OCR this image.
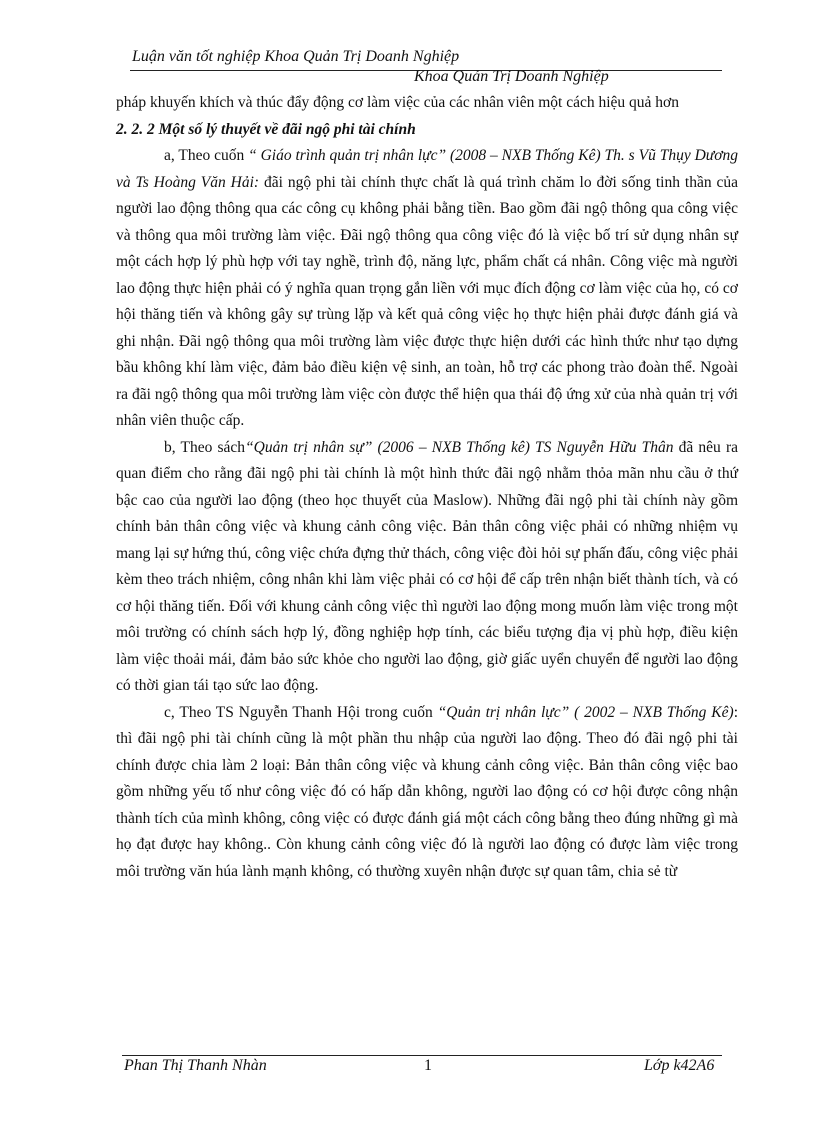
Luận văn tốt nghiệp Khoa Quản Trị Doanh Nghiệp
Khoa Quản Trị Doanh Nghiệp

pháp khuyến khích và thúc đẩy động cơ làm việc của các nhân viên một cách hiệu quả hơn

2. 2. 2 Một số lý thuyết về đãi ngộ phi tài chính

a, Theo cuốn “ Giáo trình quản trị nhân lực” (2008 – NXB Thống Kê) Th. s Vũ Thụy Dương và Ts Hoàng Văn Hải: đãi ngộ phi tài chính thực chất là quá trình chăm lo đời sống tinh thần của người lao động thông qua các công cụ không phải bằng tiền. Bao gồm đãi ngộ thông qua công việc và thông qua môi trường làm việc. Đãi ngộ thông qua công việc đó là việc bố trí sử dụng nhân sự một cách hợp lý phù hợp với tay nghề, trình độ, năng lực, phẩm chất cá nhân. Công việc mà người lao động thực hiện phải có ý nghĩa quan trọng gắn liền với mục đích động cơ làm việc của họ, có cơ hội thăng tiến và không gây sự trùng lặp và kết quả công việc họ thực hiện phải được đánh giá và ghi nhận. Đãi ngộ thông qua môi trường làm việc được thực hiện dưới các hình thức như tạo dựng bầu không khí làm việc, đảm bảo điều kiện vệ sinh, an toàn, hỗ trợ các phong trào đoàn thể. Ngoài ra đãi ngộ thông qua môi trường làm việc còn được thể hiện qua thái độ ứng xử của nhà quản trị với nhân viên thuộc cấp.

b, Theo sách“Quản trị nhân sự” (2006 – NXB Thống kê) TS Nguyễn Hữu Thân đã nêu ra quan điểm cho rằng đãi ngộ phi tài chính là một hình thức đãi ngộ nhằm thỏa mãn nhu cầu ở thứ bậc cao của người lao động (theo học thuyết của Maslow). Những đãi ngộ phi tài chính này gồm chính bản thân công việc và khung cảnh công việc. Bản thân công việc phải có những nhiệm vụ mang lại sự hứng thú, công việc chứa đựng thử thách, công việc đòi hỏi sự phấn đấu, công việc phải kèm theo trách nhiệm, công nhân khi làm việc phải có cơ hội để cấp trên nhận biết thành tích, và có cơ hội thăng tiến. Đối với khung cảnh công việc thì người lao động mong muốn làm việc trong một môi trường có chính sách hợp lý, đồng nghiệp hợp tính, các biểu tượng địa vị phù hợp, điều kiện làm việc thoải mái, đảm bảo sức khỏe cho người lao động, giờ giấc uyển chuyển để người lao động có thời gian tái tạo sức lao động.

c, Theo TS Nguyễn Thanh Hội trong cuốn “Quản trị nhân lực” ( 2002 – NXB Thống Kê): thì đãi ngộ phi tài chính cũng là một phần thu nhập của người lao động. Theo đó đãi ngộ phi tài chính được chia làm 2 loại: Bản thân công việc và khung cảnh công việc. Bản thân công việc bao gồm những yếu tố như công việc đó có hấp dẫn không, người lao động có cơ hội được công nhận thành tích của mình không, công việc có được đánh giá một cách công bằng theo đúng những gì mà họ đạt được hay không.. Còn khung cảnh công việc đó là người lao động có được làm việc trong môi trường văn húa lành mạnh không, có thường xuyên nhận được sự quan tâm, chia sẻ từ

Phan Thị Thanh Nhàn	1	Lớp k42A6
